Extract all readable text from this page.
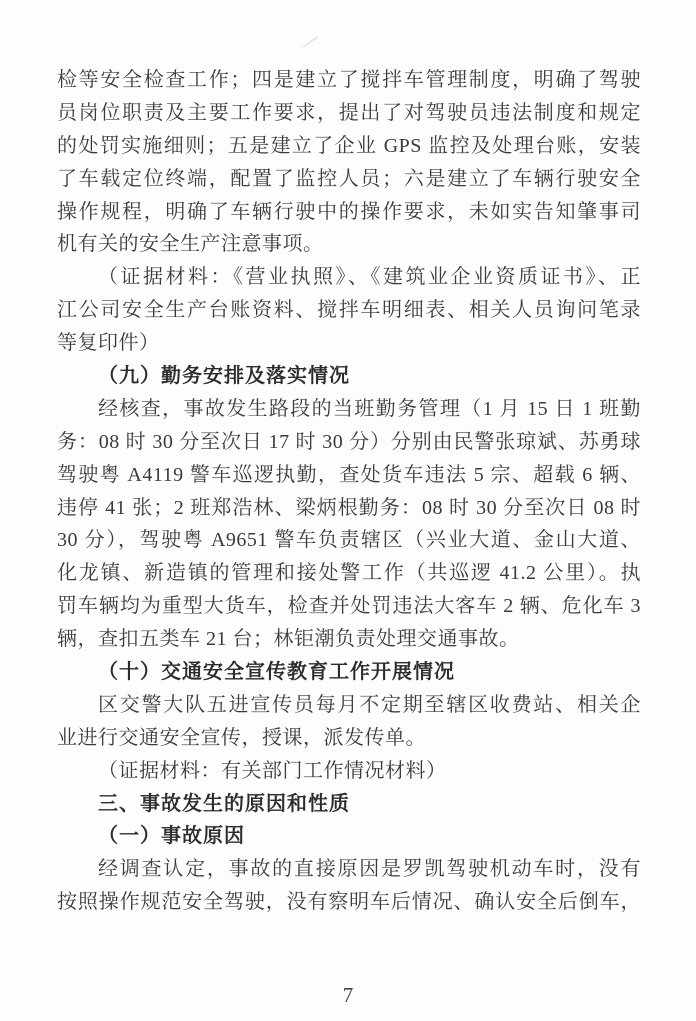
检等安全检查工作；四是建立了搅拌车管理制度，明确了驾驶
员岗位职责及主要工作要求，提出了对驾驶员违法制度和规定
的处罚实施细则；五是建立了企业 GPS 监控及处理台账，安装
了车载定位终端，配置了监控人员；六是建立了车辆行驶安全
操作规程，明确了车辆行驶中的操作要求，未如实告知肇事司
机有关的安全生产注意事项。
（证据材料：《营业执照》、《建筑业企业资质证书》、正
江公司安全生产台账资料、搅拌车明细表、相关人员询问笔录
等复印件）
（九）勤务安排及落实情况
经核查，事故发生路段的当班勤务管理（1 月 15 日 1 班勤
务：08 时 30 分至次日 17 时 30 分）分别由民警张琼斌、苏勇球
驾驶粤 A4119 警车巡逻执勤，查处货车违法 5 宗、超载 6 辆、
违停 41 张；2 班郑浩林、梁炳根勤务：08 时 30 分至次日 08 时
30 分），驾驶粤 A9651 警车负责辖区（兴业大道、金山大道、
化龙镇、新造镇的管理和接处警工作（共巡逻 41.2 公里）。执
罚车辆均为重型大货车，检查并处罚违法大客车 2 辆、危化车 3
辆，查扣五类车 21 台；林钜潮负责处理交通事故。
（十）交通安全宣传教育工作开展情况
区交警大队五进宣传员每月不定期至辖区收费站、相关企
业进行交通安全宣传，授课，派发传单。
（证据材料：有关部门工作情况材料）
三、事故发生的原因和性质
（一）事故原因
经调查认定，事故的直接原因是罗凯驾驶机动车时，没有
按照操作规范安全驾驶，没有察明车后情况、确认安全后倒车，
7
